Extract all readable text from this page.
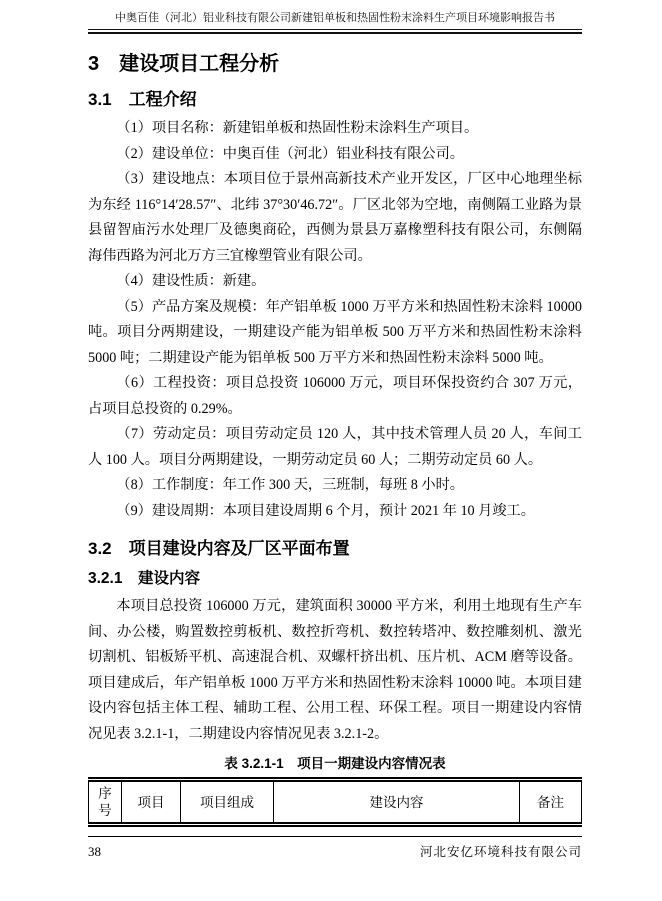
中奥百佳（河北）铝业科技有限公司新建铝单板和热固性粉末涂料生产项目环境影响报告书
3　建设项目工程分析
3.1　工程介绍

（1）项目名称：新建铝单板和热固性粉末涂料生产项目。

（2）建设单位：中奥百佳（河北）铝业科技有限公司。

（3）建设地点：本项目位于景州高新技术产业开发区，厂区中心地理坐标为东经 116°14′28.57″、北纬 37°30′46.72″。厂区北邻为空地，南侧隔工业路为景县留智庙污水处理厂及德奥商砼，西侧为景县万嘉橡塑科技有限公司，东侧隔海伟西路为河北万方三宜橡塑管业有限公司。

（4）建设性质：新建。

（5）产品方案及规模：年产铝单板 1000 万平方米和热固性粉末涂料 10000 吨。项目分两期建设，一期建设产能为铝单板 500 万平方米和热固性粉末涂料 5000 吨；二期建设产能为铝单板 500 万平方米和热固性粉末涂料 5000 吨。

（6）工程投资：项目总投资 106000 万元，项目环保投资约合 307 万元，占项目总投资的 0.29%。

（7）劳动定员：项目劳动定员 120 人，其中技术管理人员 20 人，车间工人 100 人。项目分两期建设，一期劳动定员 60 人；二期劳动定员 60 人。

（8）工作制度：年工作 300 天，三班制，每班 8 小时。

（9）建设周期：本项目建设周期 6 个月，预计 2021 年 10 月竣工。

3.2　项目建设内容及厂区平面布置
3.2.1　建设内容

本项目总投资 106000 万元，建筑面积 30000 平方米，利用土地现有生产车间、办公楼，购置数控剪板机、数控折弯机、数控转塔冲、数控雕刻机、激光切割机、铝板矫平机、高速混合机、双螺杆挤出机、压片机、ACM 磨等设备。项目建成后，年产铝单板 1000 万平方米和热固性粉末涂料 10000 吨。本项目建设内容包括主体工程、辅助工程、公用工程、环保工程。项目一期建设内容情况见表 3.2.1-1，二期建设内容情况见表 3.2.1-2。

表 3.2.1-1　项目一期建设内容情况表
序号	项目	项目组成	建设内容	备注
38	河北安亿环境科技有限公司
